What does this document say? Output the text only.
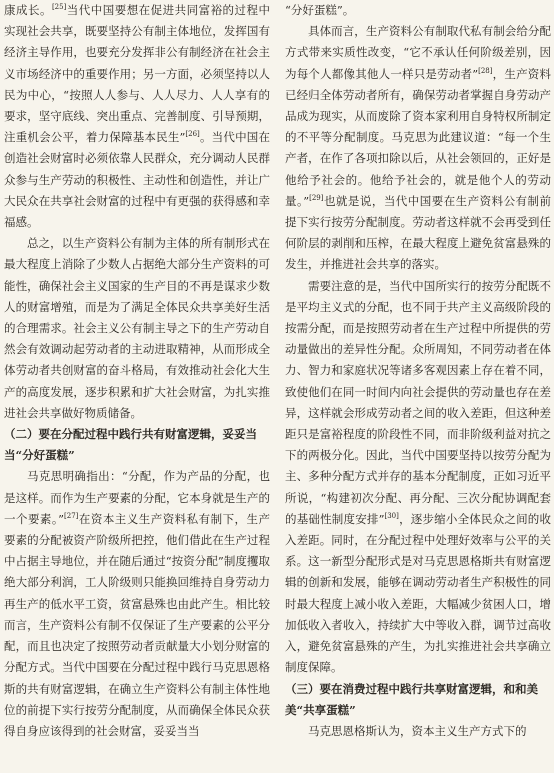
康成长。[25]当代中国要想在促进共同富裕的过程中实现社会共享，既要坚持公有制主体地位，发挥国有经济主导作用，也要充分发挥非公有制经济在社会主义市场经济中的重要作用；另一方面，必须坚持以人民为中心，“按照人人参与、人人尽力、人人享有的要求，坚守底线、突出重点、完善制度、引导预期，注重机会公平，着力保障基本民生”[26]。当代中国在创造社会财富时必须依靠人民群众，充分调动人民群众参与生产劳动的积极性、主动性和创造性，并让广大民众在共享社会财富的过程中有更强的获得感和幸福感。

总之，以生产资料公有制为主体的所有制形式在最大程度上消除了少数人占据绝大部分生产资料的可能性，确保社会主义国家的生产目的不再是谋求少数人的财富增殖，而是为了满足全体民众共享美好生活的合理需求。社会主义公有制主导之下的生产劳动自然会有效调动起劳动者的主动进取精神，从而形成全体劳动者共创财富的奋斗格局，有效推动社会化大生产的高度发展，逐步积累和扩大社会财富，为扎实推进社会共享做好物质储备。

（二）要在分配过程中践行共有财富逻辑，妥妥当当“分好蛋糕”

马克思明确指出：“分配，作为产品的分配，也是这样。而作为生产要素的分配，它本身就是生产的一个要素。”[27]在资本主义生产资料私有制下，生产要素的分配被资产阶级所把控，他们借此在生产过程中占据主导地位，并在随后通过“按资分配”制度攫取绝大部分利润，工人阶级则只能换回维持自身劳动力再生产的低水平工资，贫富悬殊也由此产生。相比较而言，生产资料公有制不仅保证了生产要素的公平分配，而且也决定了按照劳动者贡献量大小划分财富的分配方式。当代中国要在分配过程中践行马克思恩格斯的共有财富逻辑，在确立生产资料公有制主体性地位的前提下实行按劳分配制度，从而确保全体民众获得自身应该得到的社会财富，妥妥当当

“分好蛋糕”。

具体而言，生产资料公有制取代私有制会给分配方式带来实质性改变，“它不承认任何阶级差别，因为每个人都像其他人一样只是劳动者”[28]，生产资料已经归全体劳动者所有，确保劳动者掌握自身劳动产品成为现实，从而废除了资本家利用自身特权所制定的不平等分配制度。马克思为此建议道：“每一个生产者，在作了各项扣除以后，从社会领回的，正好是他给予社会的。他给予社会的，就是他个人的劳动量。”[29]也就是说，当代中国要在生产资料公有制前提下实行按劳分配制度。劳动者这样就不会再受到任何阶层的剥削和压榨，在最大程度上避免贫富悬殊的发生，并推进社会共享的落实。

需要注意的是，当代中国所实行的按劳分配既不是平均主义式的分配，也不同于共产主义高级阶段的按需分配，而是按照劳动者在生产过程中所提供的劳动量做出的差异性分配。众所周知，不同劳动者在体力、智力和家庭状况等诸多客观因素上存在着不同，致使他们在同一时间内向社会提供的劳动量也存在差异，这样就会形成劳动者之间的收入差距，但这种差距只是富裕程度的阶段性不同，而非阶级利益对抗之下的两极分化。因此，当代中国要坚持以按劳分配为主、多种分配方式并存的基本分配制度，正如习近平所说，“构建初次分配、再分配、三次分配协调配套的基础性制度安排”[30]，逐步缩小全体民众之间的收入差距。同时，在分配过程中处理好效率与公平的关系。这一新型分配形式是对马克思恩格斯共有财富逻辑的创新和发展，能够在调动劳动者生产积极性的同时最大程度上减小收入差距，大幅减少贫困人口，增加低收入者收入，持续扩大中等收入群，调节过高收入，避免贫富悬殊的产生，为扎实推进社会共享确立制度保障。

（三）要在消费过程中践行共享财富逻辑，和和美美“共享蛋糕”

马克思恩格斯认为，资本主义生产方式下的
